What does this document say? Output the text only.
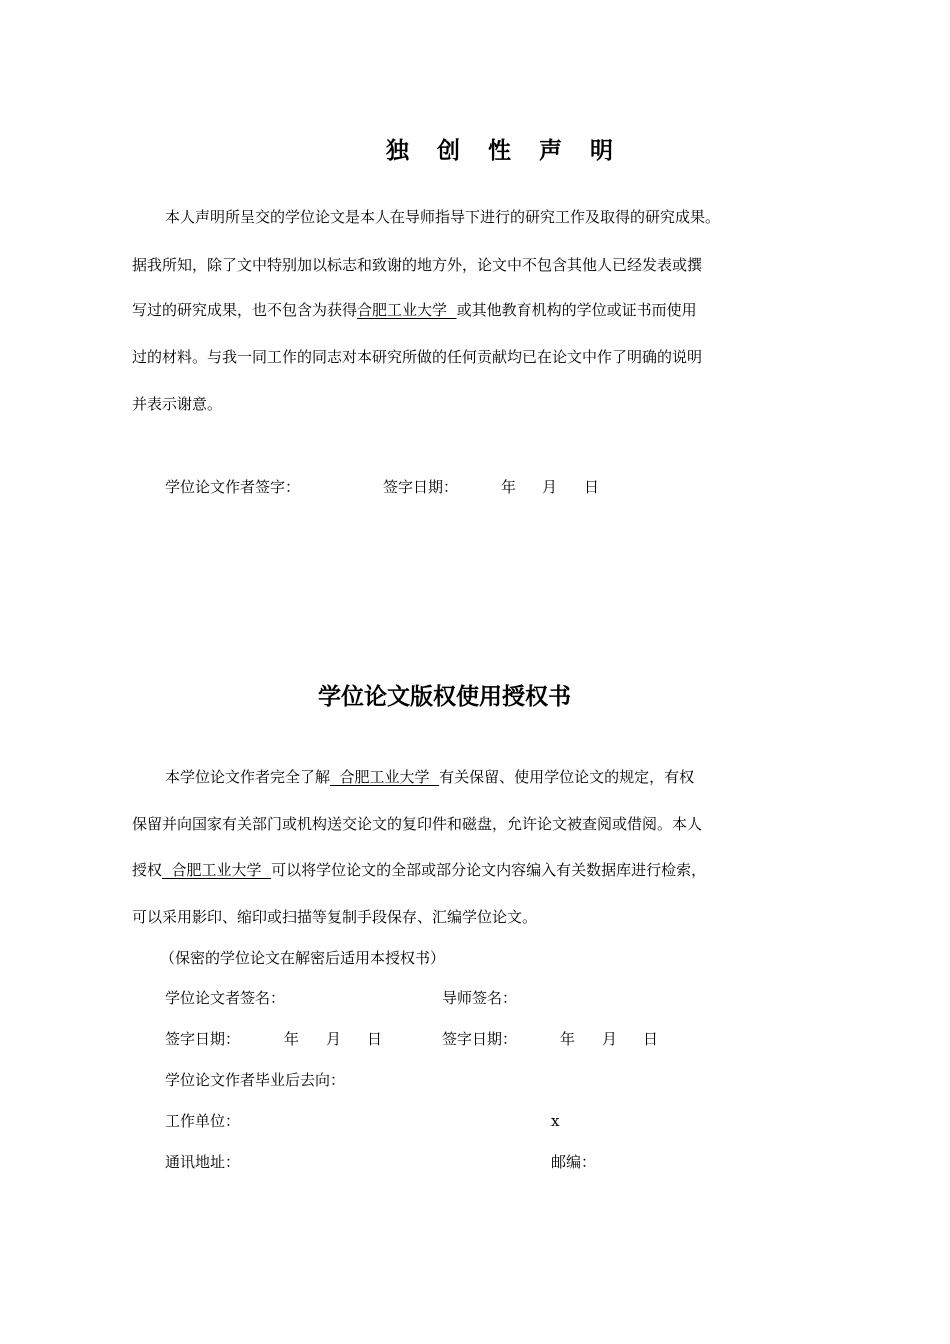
独 创 性 声 明
本人声明所呈交的学位论文是本人在导师指导下进行的研究工作及取得的研究成果。
据我所知，除了文中特别加以标志和致谢的地方外，论文中不包含其他人已经发表或撰
写过的研究成果，也不包含为获得合肥工业大学  或其他教育机构的学位或证书而使用
过的材料。与我一同工作的同志对本研究所做的任何贡献均已在论文中作了明确的说明
并表示谢意。
学位论文作者签字：	签字日期：	年 月 日
学位论文版权使用授权书
本学位论文作者完全了解  合肥工业大学  有关保留、使用学位论文的规定，有权
保留并向国家有关部门或机构送交论文的复印件和磁盘，允许论文被查阅或借阅。本人
授权  合肥工业大学  可以将学位论文的全部或部分论文内容编入有关数据库进行检索，
可以采用影印、缩印或扫描等复制手段保存、汇编学位论文。
（保密的学位论文在解密后适用本授权书）
学位论文者签名：	导师签名：
签字日期：	年 月 日	签字日期：	年 月 日
学位论文作者毕业后去向：
工作单位：	x
通讯地址：	邮编：
